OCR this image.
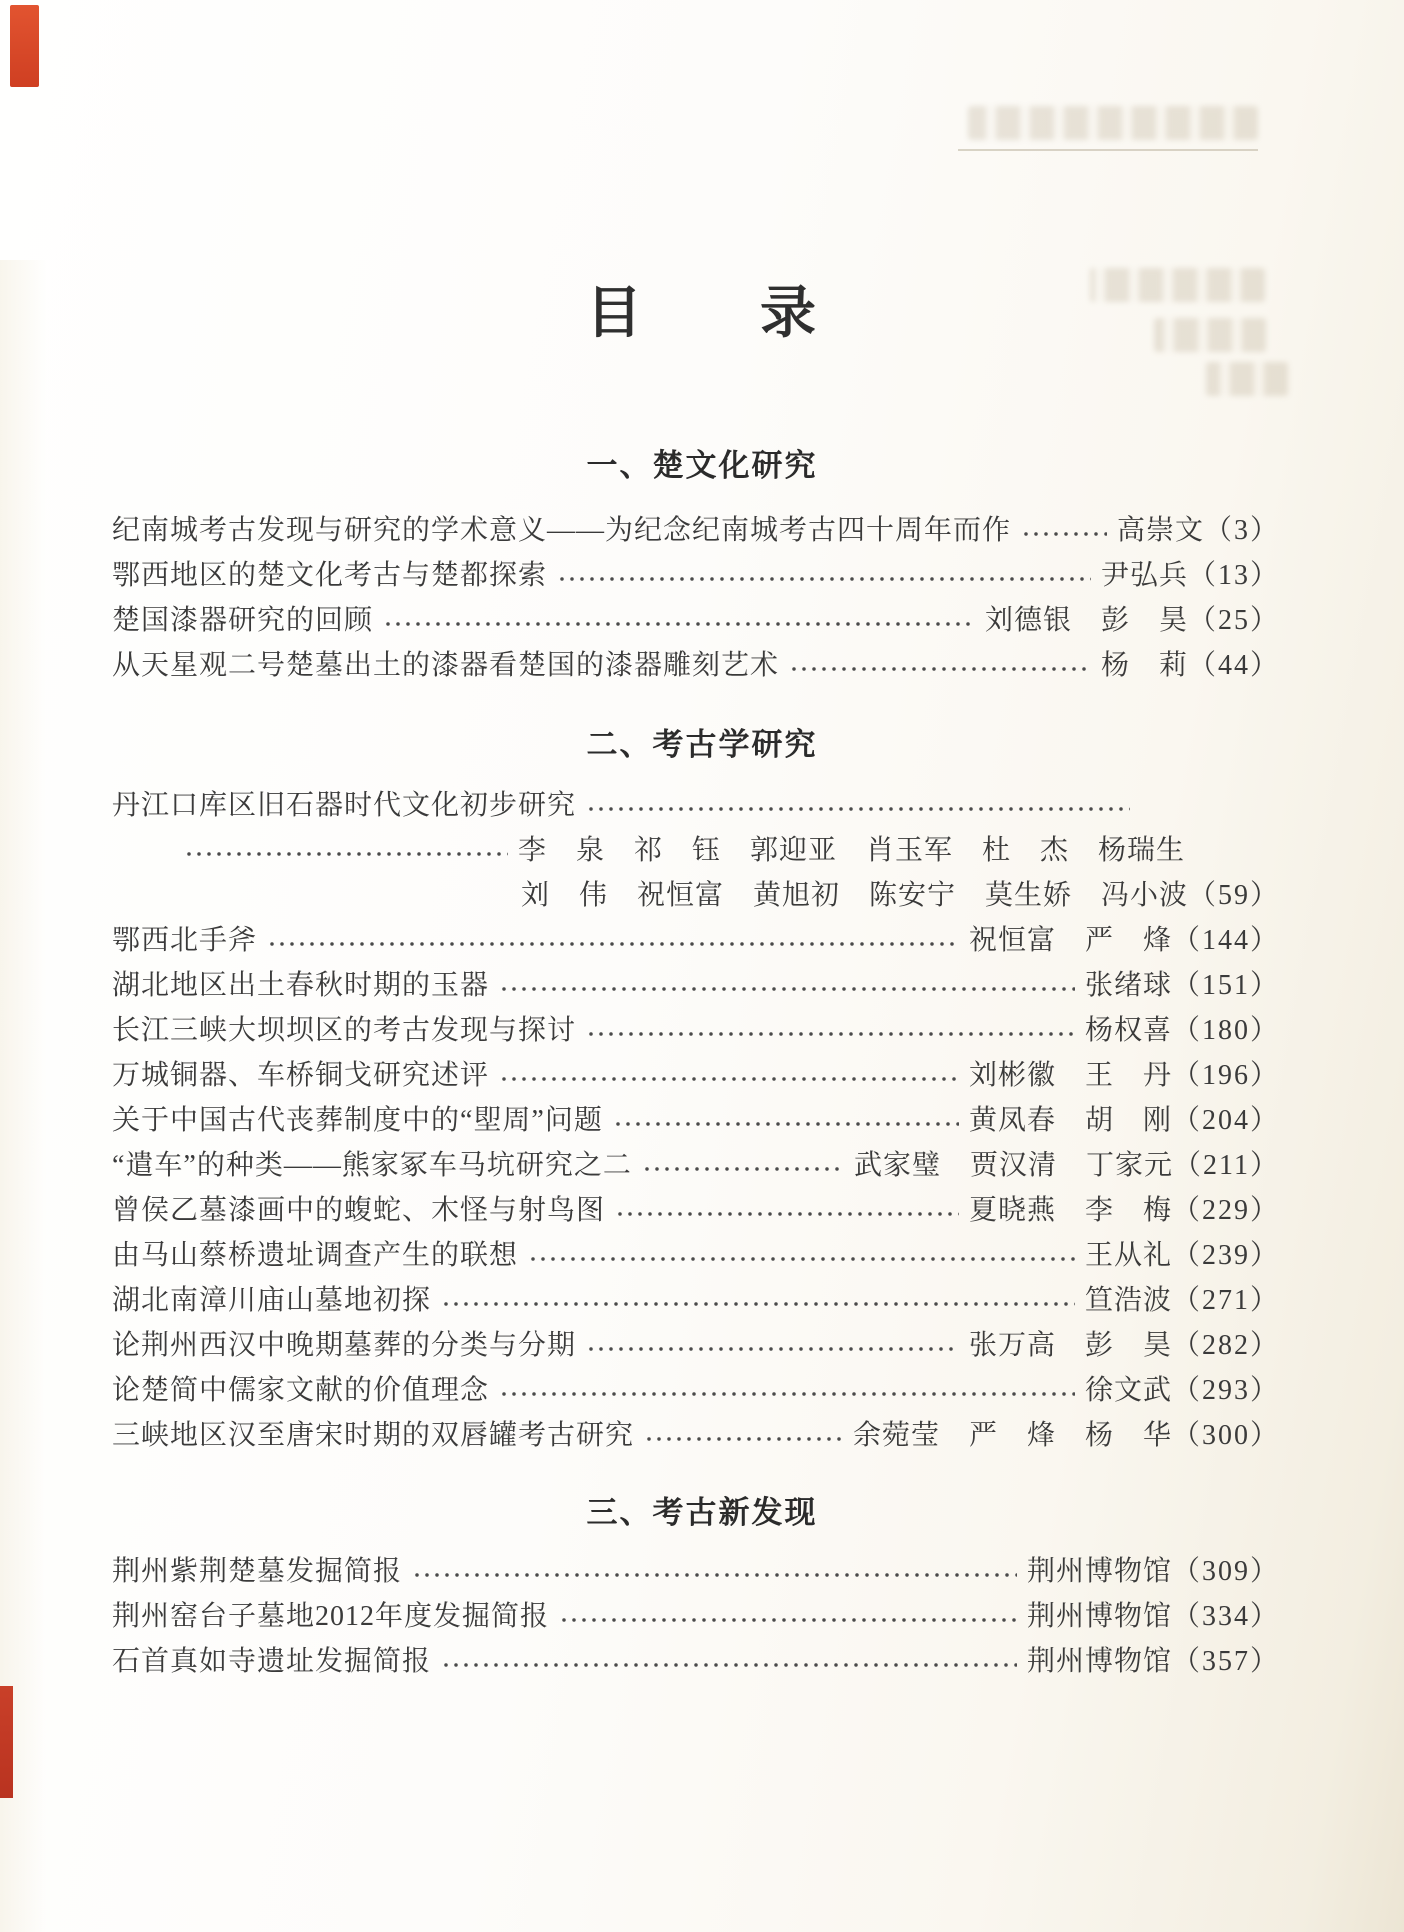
目　　录
一、楚文化研究
纪南城考古发现与研究的学术意义——为纪念纪南城考古四十周年而作	高崇文 （3）
鄂西地区的楚文化考古与楚都探索	尹弘兵 （13）
楚国漆器研究的回顾	刘德银　彭　昊 （25）
从天星观二号楚墓出土的漆器看楚国的漆器雕刻艺术	杨　莉 （44）
二、考古学研究
丹江口库区旧石器时代文化初步研究
李　泉　祁　钰　郭迎亚　肖玉军　杜　杰　杨瑞生
刘　伟　祝恒富　黄旭初　陈安宁　莫生娇　冯小波 （59）
鄂西北手斧	祝恒富　严　烽 （144）
湖北地区出土春秋时期的玉器	张绪球 （151）
长江三峡大坝坝区的考古发现与探讨	杨权喜 （180）
万城铜器、车桥铜戈研究述评	刘彬徽　王　丹 （196）
关于中国古代丧葬制度中的“堲周”问题	黄凤春　胡　刚 （204）
“遣车”的种类——熊家冢车马坑研究之二	武家璧　贾汉清　丁家元 （211）
曾侯乙墓漆画中的蝮蛇、木怪与射鸟图	夏晓燕　李　梅 （229）
由马山蔡桥遗址调查产生的联想	王从礼 （239）
湖北南漳川庙山墓地初探	笪浩波 （271）
论荆州西汉中晚期墓葬的分类与分期	张万高　彭　昊 （282）
论楚简中儒家文献的价值理念	徐文武 （293）
三峡地区汉至唐宋时期的双唇罐考古研究	余菀莹　严　烽　杨　华 （300）
三、考古新发现
荆州紫荆楚墓发掘简报	荆州博物馆 （309）
荆州窑台子墓地2012年度发掘简报	荆州博物馆 （334）
石首真如寺遗址发掘简报	荆州博物馆 （357）
